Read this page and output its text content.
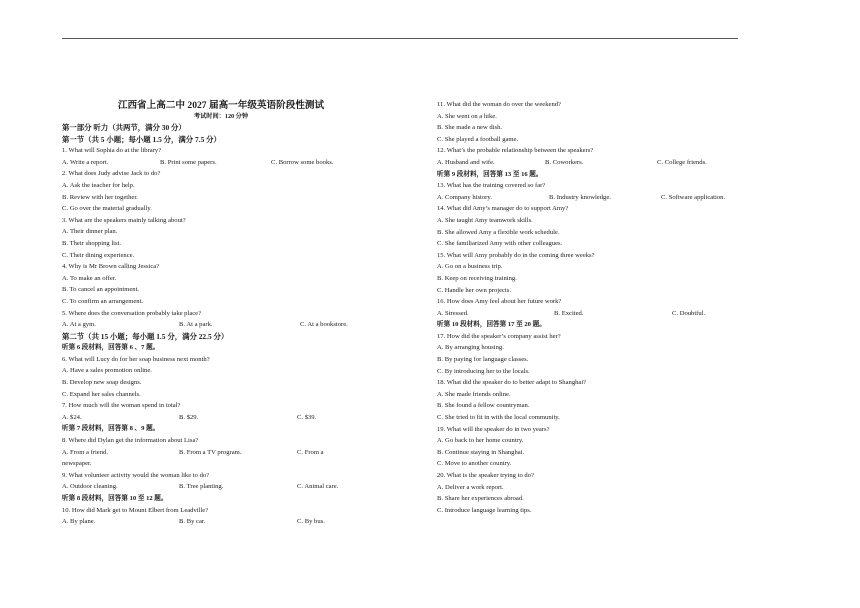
江西省上高二中 2027 届高一年级英语阶段性测试
考试时间：120 分钟
第一部分 听力（共两节，满分 30 分）
第一节（共 5 小题；每小题 1.5 分，满分 7.5 分）
1. What will Sophia do at the library?
A. Write a report.	B. Print some papers.	C. Borrow some books.
2. What does Judy advise Jack to do?
A. Ask the teacher for help.
B. Review with her together.
C. Go over the material gradually.
3. What are the speakers mainly talking about?
A. Their dinner plan.
B. Their shopping list.
C. Their dining experience.
4. Why is Mr Brown calling Jessica?
A. To make an offer.
B. To cancel an appointment.
C. To confirm an arrangement.
5. Where does the conversation probably take place?
A. At a gym.	B. At a park.	C. At a bookstore.
第二节（共 15 小题；每小题 1.5 分，满分 22.5 分）
听第 6 段材料，回答第 6 、7 题。
6. What will Lucy do for her soap business next month?
A. Have a sales promotion online.
B. Develop new soap designs.
C. Expand her sales channels.
7. How much will the woman spend in total?
A. $24.	B. $29.	C. $39.
听第 7 段材料，回答第 8 、9 题。
8. Where did Dylan get the information about Lisa?
A. From a friend.	B. From a TV program.	C. From a
newspaper.
9. What volunteer activity would the woman like to do?
A. Outdoor cleaning.	B. Tree planting.	C. Animal care.
听第 8 段材料，回答第 10 至 12 题。
10. How did Mark get to Mount Elbert from Leadville?
A. By plane.	B. By car.	C. By bus.
11. What did the woman do over the weekend?
A. She went on a hike.
B. She made a new dish.
C. She played a football game.
12. What’s the probable relationship between the speakers?
A. Husband and wife.	B. Coworkers.	C. College friends.
听第 9 段材料，回答第 13 至 16 题。
13. What has the training covered so far?
A. Company history.	B. Industry knowledge.	C. Software application.
14. What did Amy’s manager do to support Amy?
A. She taught Amy teamwork skills.
B. She allowed Amy a flexible work schedule.
C. She familiarized Amy with other colleagues.
15. What will Amy probably do in the coming three weeks?
A. Go on a business trip.
B. Keep on receiving training.
C. Handle her own projects.
16. How does Amy feel about her future work?
A. Stressed.	B. Excited.	C. Doubtful.
听第 10 段材料，回答第 17 至 20 题。
17. How did the speaker’s company assist her?
A. By arranging housing.
B. By paying for language classes.
C. By introducing her to the locals.
18. What did the speaker do to better adapt to Shanghai?
A. She made friends online.
B. She found a fellow countryman.
C. She tried to fit in with the local community.
19. What will the speaker do in two years?
A. Go back to her home country.
B. Continue staying in Shanghai.
C. Move to another country.
20. What is the speaker trying to do?
A. Deliver a work report.
B. Share her experiences abroad.
C. Introduce language learning tips.
